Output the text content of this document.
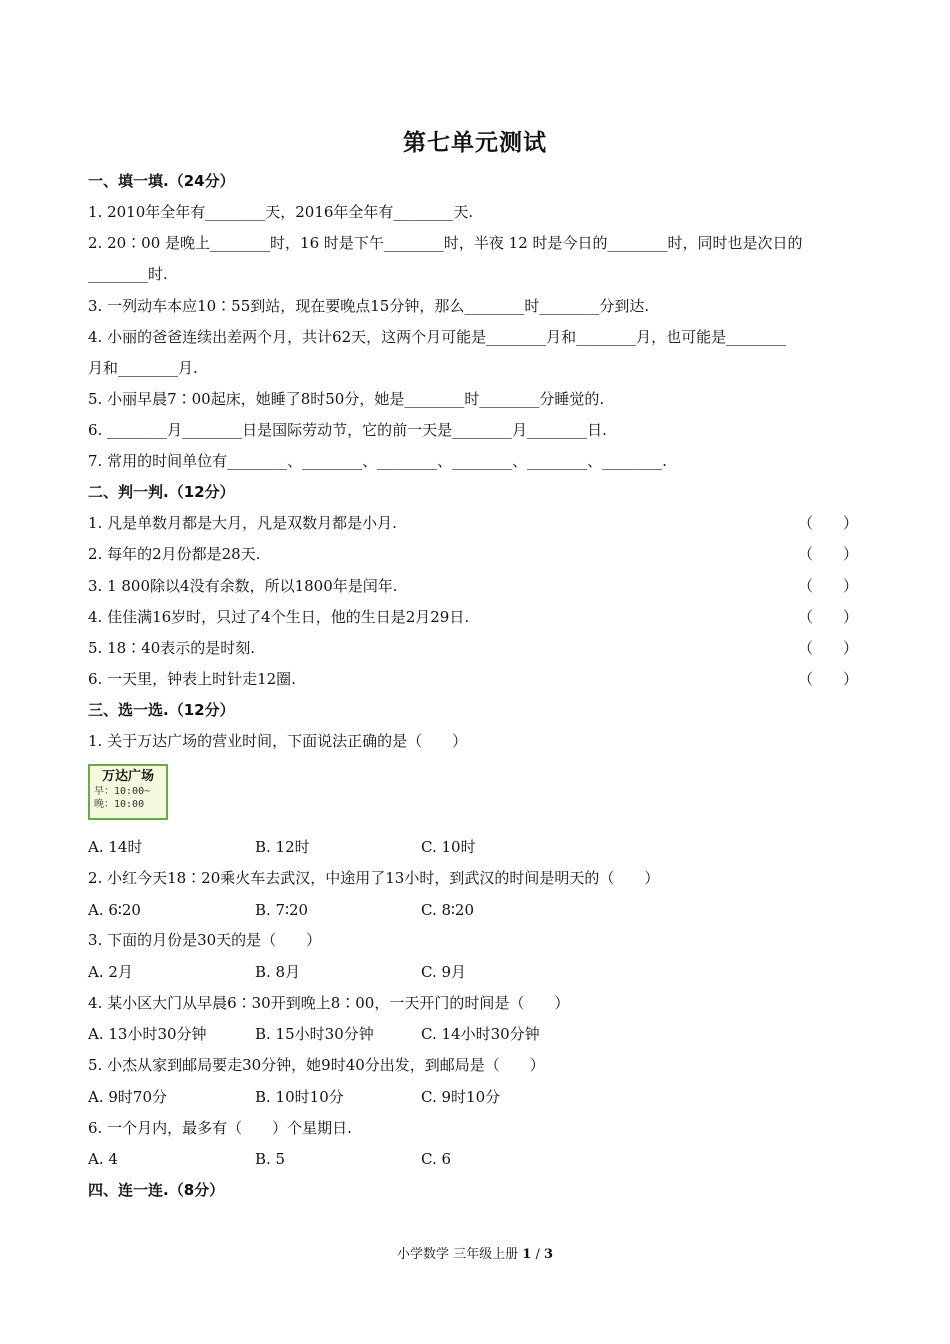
第七单元测试
一、填一填.（24分）
1. 2010年全年有________天，2016年全年有________天.
2. 20∶00 是晚上________时，16 时是下午________时，半夜 12 时是今日的________时，同时也是次日的
________时.
3. 一列动车本应10∶55到站，现在要晚点15分钟，那么________时________分到达.
4. 小丽的爸爸连续出差两个月，共计62天，这两个月可能是________月和________月，也可能是________
月和________月.
5. 小丽早晨7∶00起床，她睡了8时50分，她是________时________分睡觉的.
6. ________月________日是国际劳动节，它的前一天是________月________日.
7. 常用的时间单位有________、________、________、________、________、________.
二、判一判.（12分）
1. 凡是单数月都是大月，凡是双数月都是小月.	（　　）
2. 每年的2月份都是28天.	（　　）
3. 1 800除以4没有余数，所以1800年是闰年.	（　　）
4. 佳佳满16岁时，只过了4个生日，他的生日是2月29日.	（　　）
5. 18∶40表示的是时刻.	（　　）
6. 一天里，钟表上时针走12圈.	（　　）
三、选一选.（12分）
1. 关于万达广场的营业时间，下面说法正确的是（　　）
万达广场
早：10:00~
晚：10:00
A. 14时	B. 12时	C. 10时
2. 小红今天18∶20乘火车去武汉，中途用了13小时，到武汉的时间是明天的（　　）
A. 6∶20	B. 7∶20	C. 8∶20
3. 下面的月份是30天的是（　　）
A. 2月	B. 8月	C. 9月
4. 某小区大门从早晨6∶30开到晚上8∶00，一天开门的时间是（　　）
A. 13小时30分钟	B. 15小时30分钟	C. 14小时30分钟
5. 小杰从家到邮局要走30分钟，她9时40分出发，到邮局是（　　）
A. 9时70分	B. 10时10分	C. 9时10分
6. 一个月内，最多有（　　）个星期日.
A. 4	B. 5	C. 6
四、连一连.（8分）
小学数学 三年级上册 1 / 3
